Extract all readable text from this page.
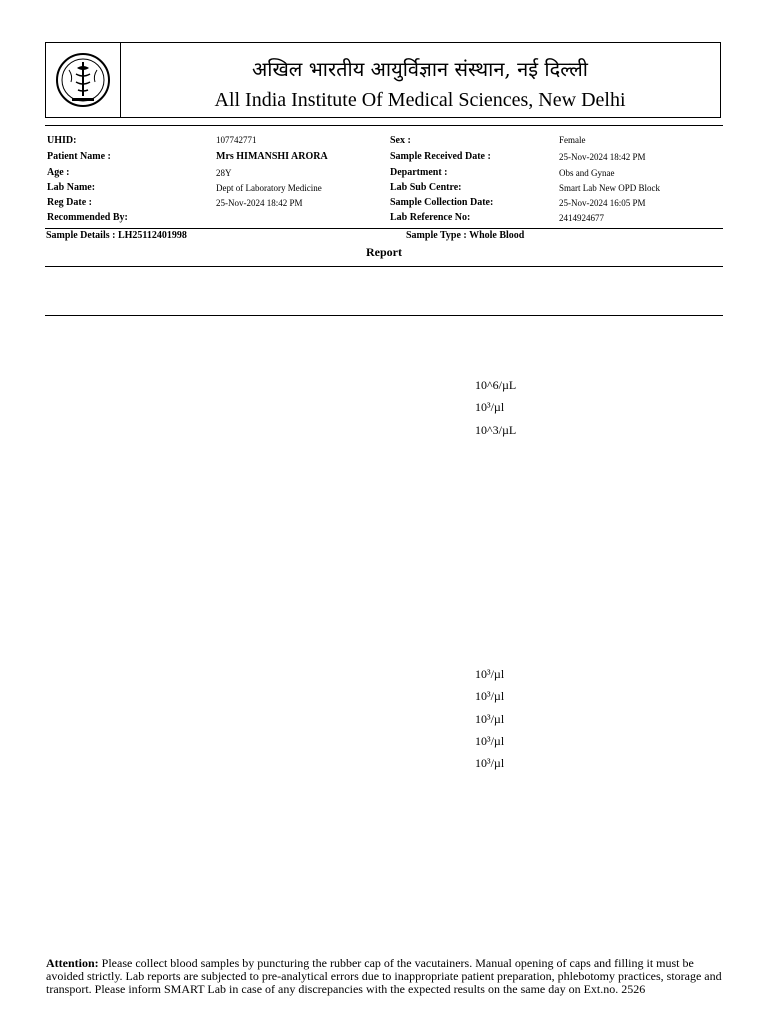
अखिल भारतीय आयुर्विज्ञान संस्थान, नई दिल्ली
All India Institute Of Medical Sciences, New Delhi
UHID:
Patient Name :
Age :
Lab Name:
Reg Date :
Recommended By:
107742771
Mrs HIMANSHI ARORA
28Y
Dept of Laboratory Medicine
25-Nov-2024 18:42 PM
Sex :
Sample Received Date :
Department :
Lab Sub Centre:
Sample Collection Date:
Lab Reference No:
Female
25-Nov-2024 18:42 PM
Obs and Gynae
Smart Lab New OPD Block
25-Nov-2024 16:05 PM
2414924677
Sample Details : LH25112401998	Sample Type : Whole Blood
Report
10^6/µL
10³/µl
10^3/µL
10³/µl
10³/µl
10³/µl
10³/µl
10³/µl
Attention: Please collect blood samples by puncturing the rubber cap of the vacutainers. Manual opening of caps and filling it must be avoided strictly. Lab reports are subjected to pre-analytical errors due to inappropriate patient preparation, phlebotomy practices, storage and transport. Please inform SMART Lab in case of any discrepancies with the expected results on the same day on Ext.no. 2526
